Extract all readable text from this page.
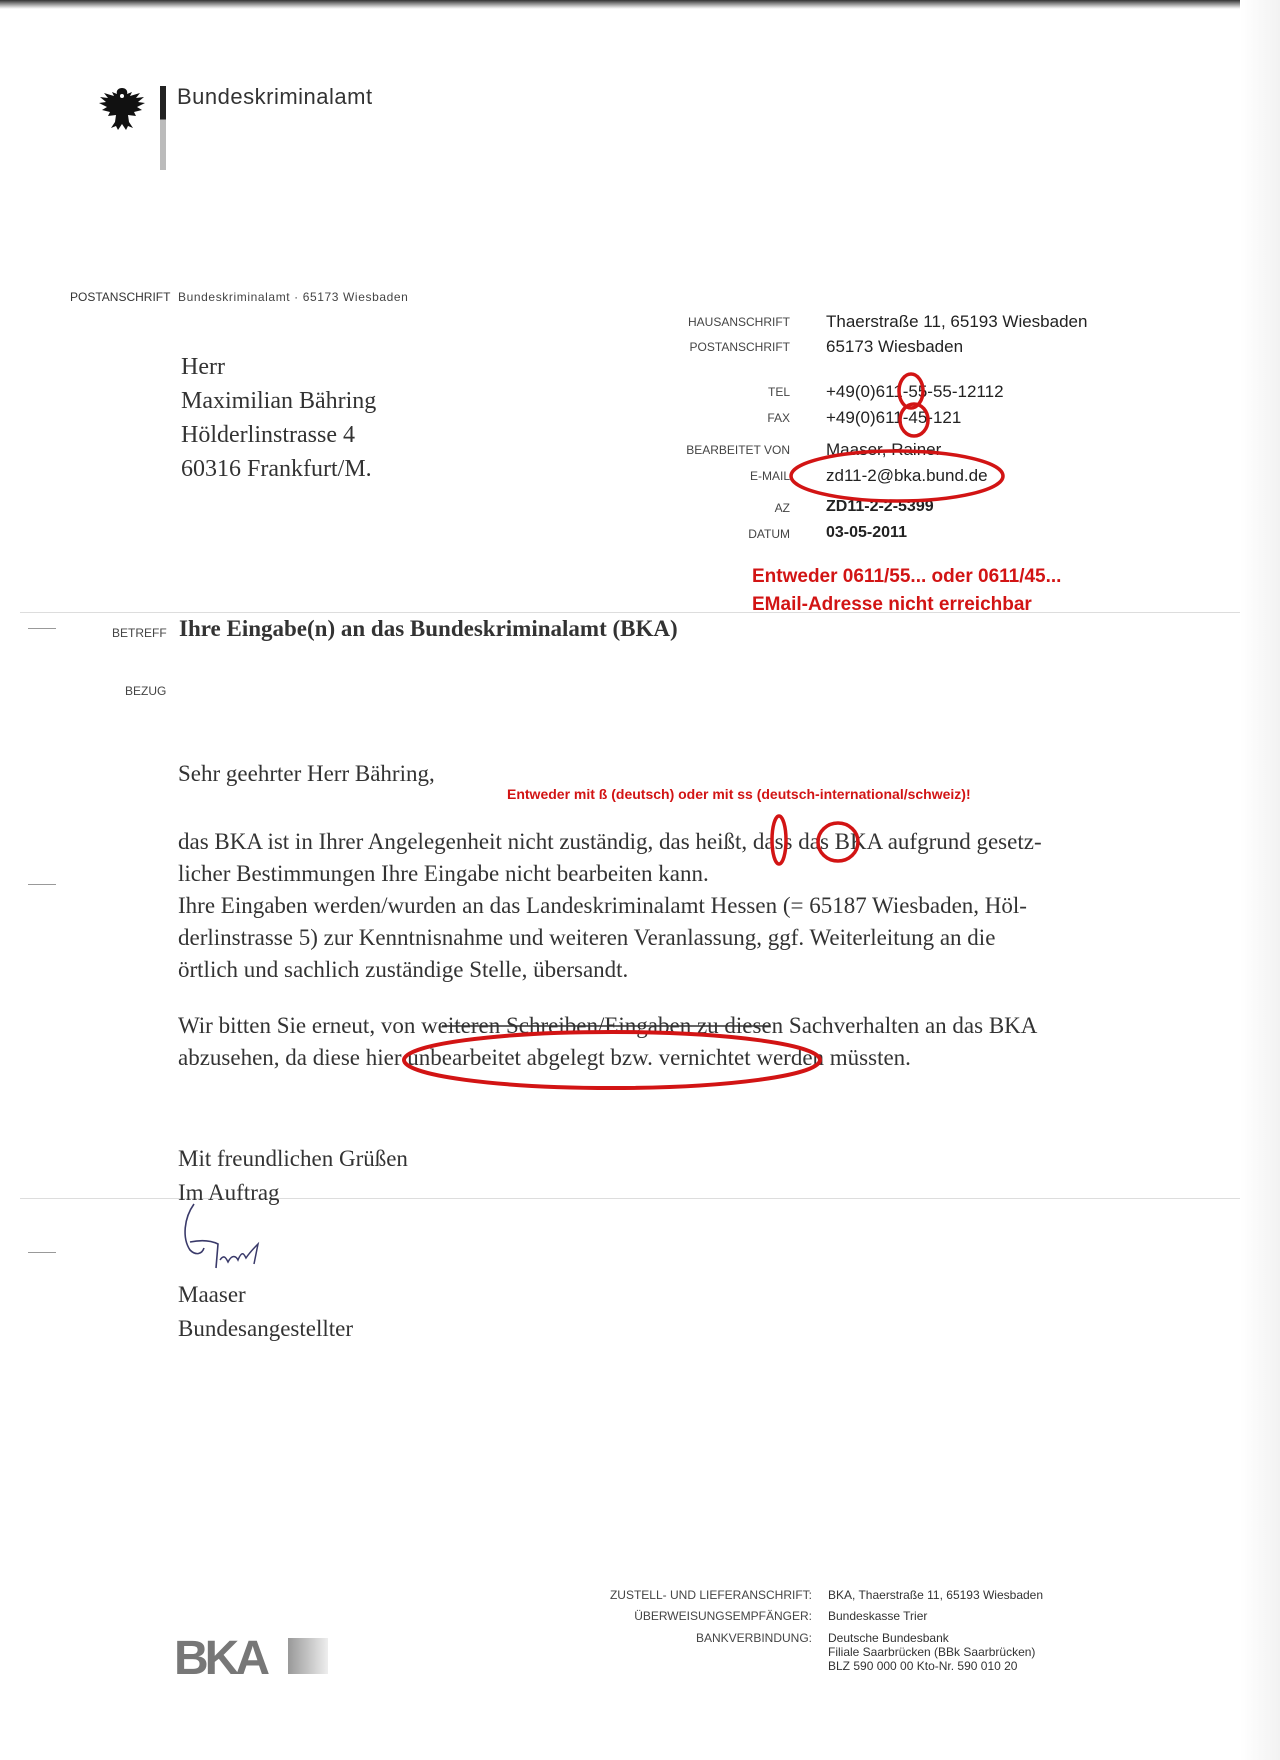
Bundeskriminalamt
POSTANSCHRIFT Bundeskriminalamt · 65173 Wiesbaden
Herr
Maximilian Bähring
Hölderlinstrasse 4
60316 Frankfurt/M.
HAUSANSCHRIFT Thaerstraße 11, 65193 Wiesbaden
POSTANSCHRIFT 65173 Wiesbaden
TEL +49(0)611-55-55-12112
FAX +49(0)611-45-121
BEARBEITET VON Maaser, Rainer
E-MAIL zd11-2@bka.bund.de
AZ ZD11-2-2-5399
DATUM 03-05-2011
Entweder 0611/55... oder 0611/45...
EMail-Adresse nicht erreichbar
Entweder mit ß (deutsch) oder mit ss (deutsch-international/schweiz)!
BETREFF Ihre Eingabe(n) an das Bundeskriminalamt (BKA)
BEZUG
Sehr geehrter Herr Bähring,
das BKA ist in Ihrer Angelegenheit nicht zuständig, das heißt, dass das BKA aufgrund gesetz-
licher Bestimmungen Ihre Eingabe nicht bearbeiten kann.
Ihre Eingaben werden/wurden an das Landeskriminalamt Hessen (= 65187 Wiesbaden, Höl-
derlinstrasse 5) zur Kenntnisnahme und weiteren Veranlassung, ggf. Weiterleitung an die
örtlich und sachlich zuständige Stelle, übersandt.
Wir bitten Sie erneut, von weiteren Schreiben/Eingaben zu diesen Sachverhalten an das BKA
abzusehen, da diese hier unbearbeitet abgelegt bzw. vernichtet werden müssten.
Mit freundlichen Grüßen
Im Auftrag
Maaser
Bundesangestellter
ZUSTELL- UND LIEFERANSCHRIFT: BKA, Thaerstraße 11, 65193 Wiesbaden
ÜBERWEISUNGSEMPFÄNGER: Bundeskasse Trier
BANKVERBINDUNG: Deutsche Bundesbank
Filiale Saarbrücken (BBk Saarbrücken)
BLZ 590 000 00 Kto-Nr. 590 010 20
BKA
